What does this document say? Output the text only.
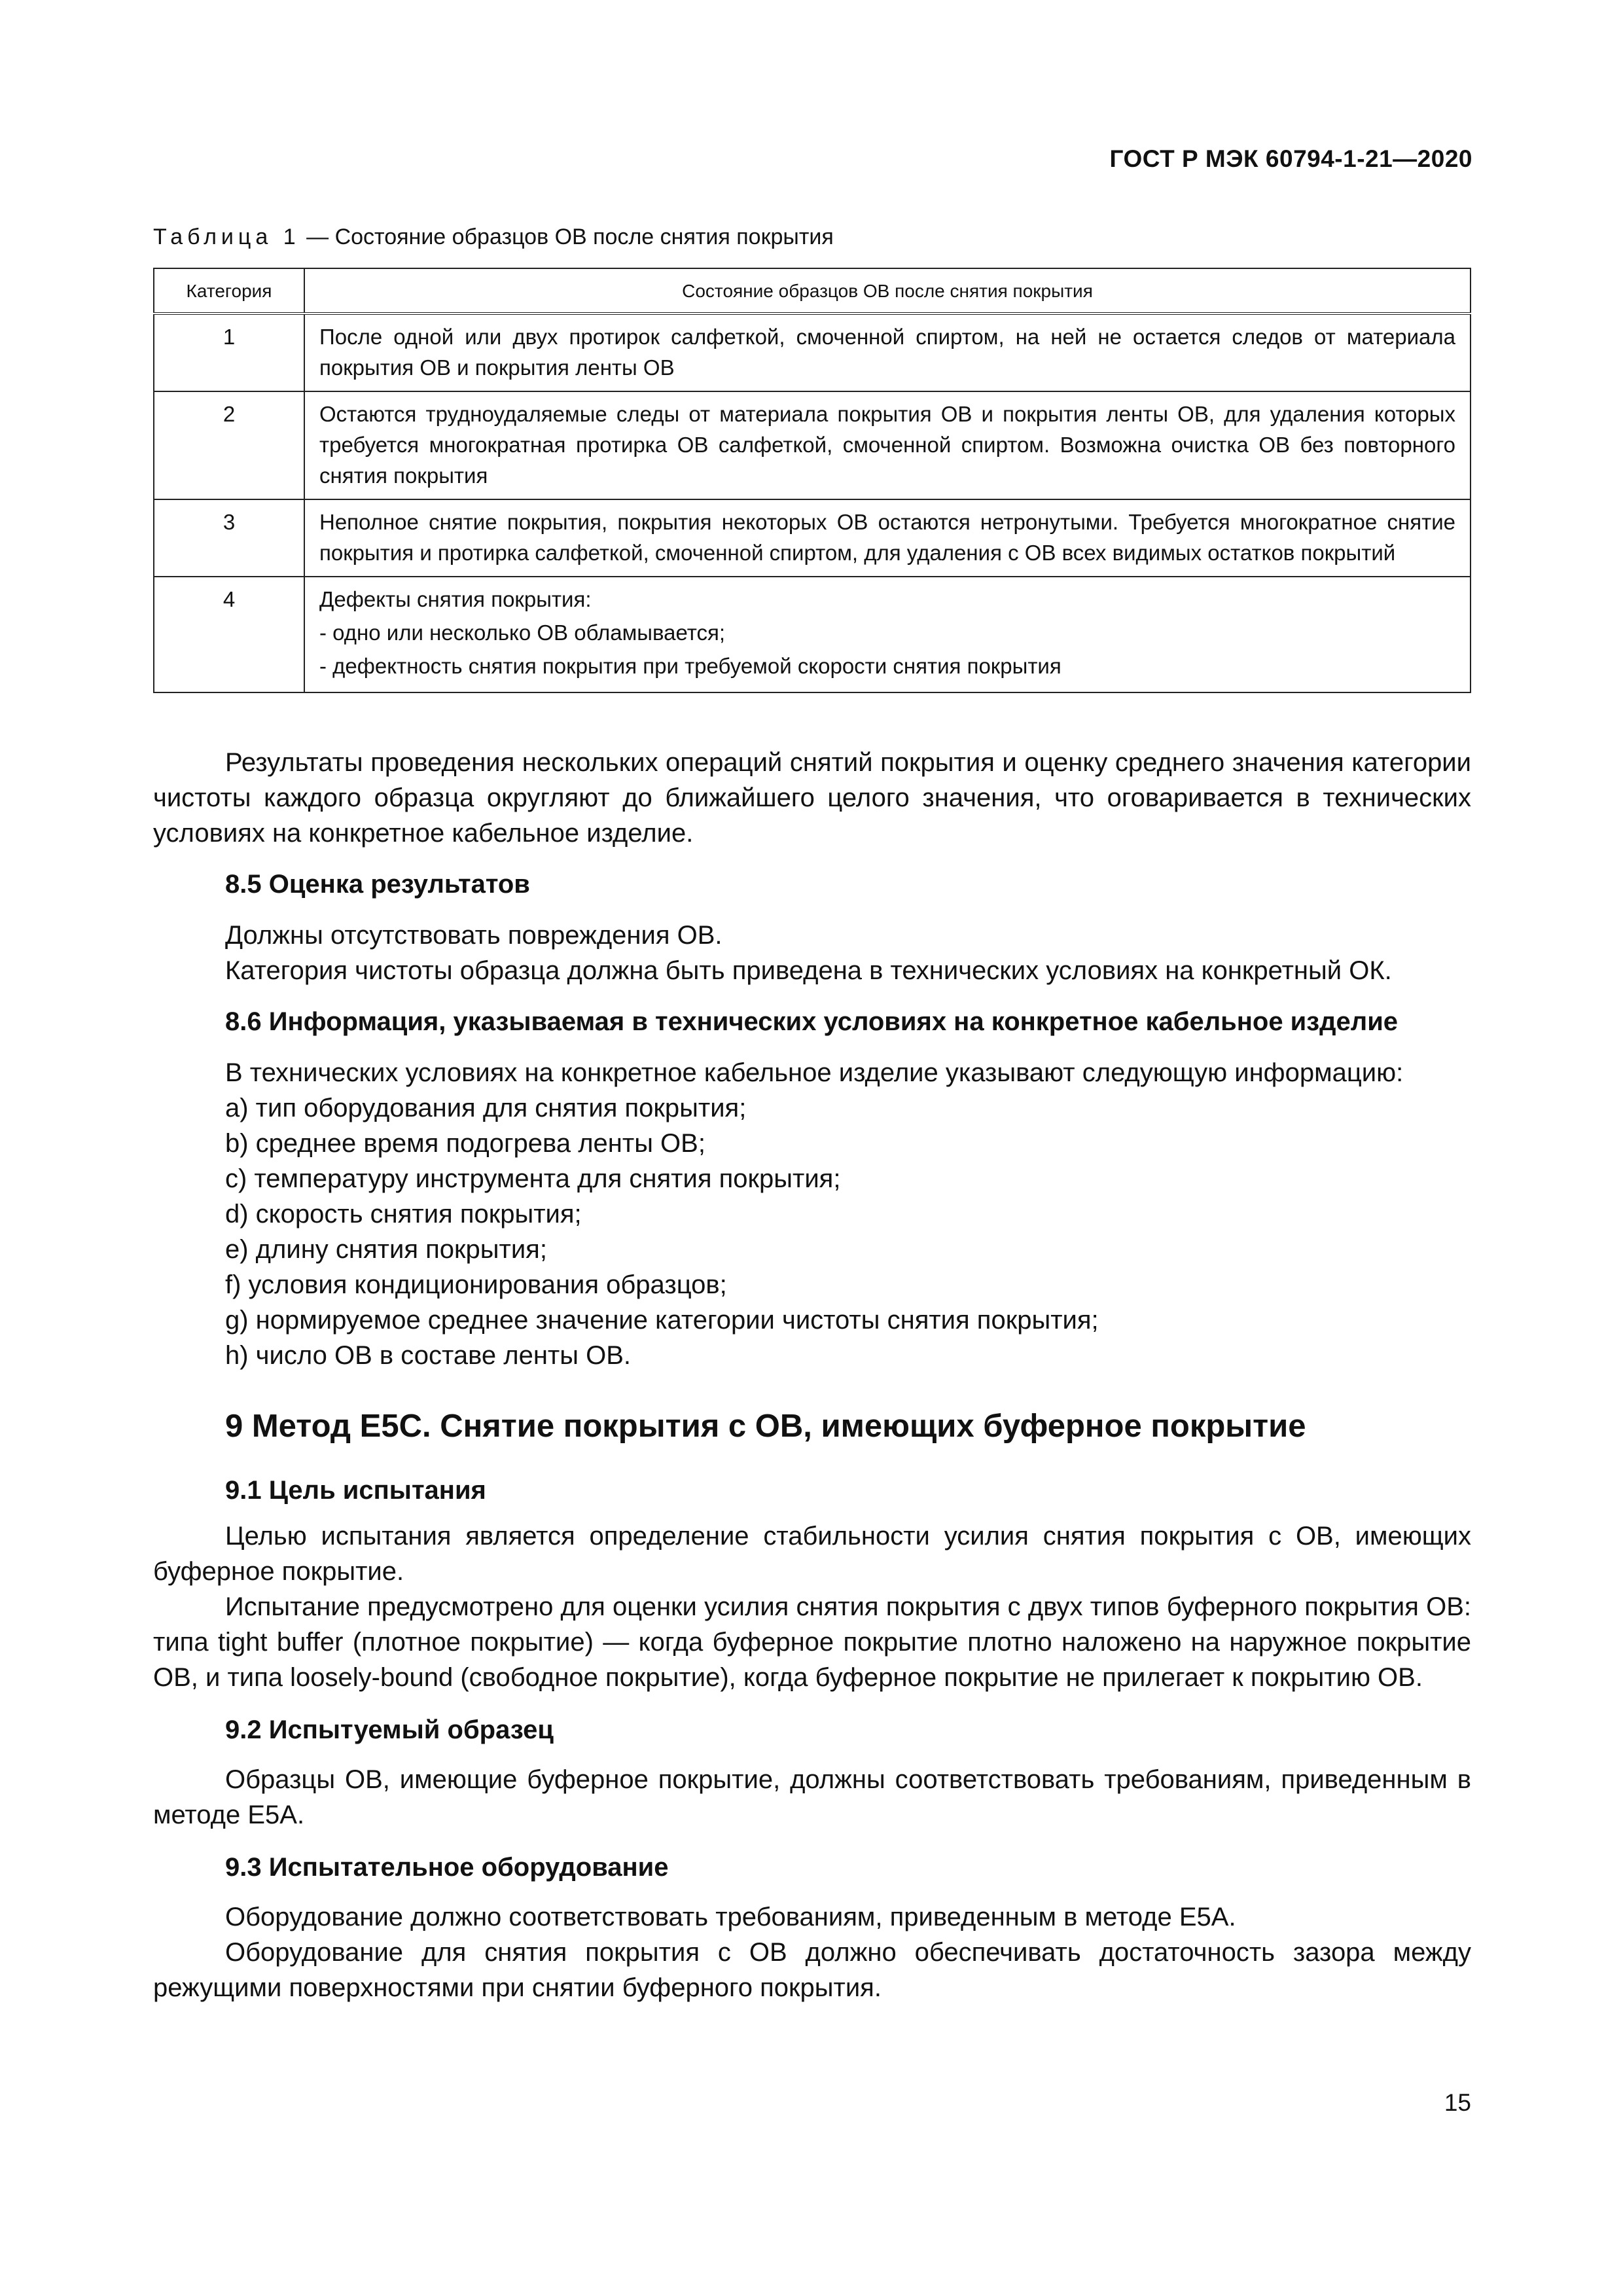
ГОСТ Р МЭК 60794-1-21—2020
Таблица 1 — Состояние образцов ОВ после снятия покрытия
Категория	Состояние образцов ОВ после снятия покрытия
1	После одной или двух протирок салфеткой, смоченной спиртом, на ней не остается следов от материала покрытия ОВ и покрытия ленты ОВ

2	Остаются трудноудаляемые следы от материала покрытия ОВ и покрытия ленты ОВ, для удаления которых требуется многократная протирка ОВ салфеткой, смоченной спиртом. Возможна очистка ОВ без повторного снятия покрытия

3	Неполное снятие покрытия, покрытия некоторых ОВ остаются нетронутыми. Требуется многократное снятие покрытия и протирка салфеткой, смоченной спиртом, для удаления с ОВ всех видимых остатков покрытий

4	Дефекты снятия покрытия:

- одно или несколько ОВ обламывается;

- дефектность снятия покрытия при требуемой скорости снятия покрытия

Результаты проведения нескольких операций снятий покрытия и оценку среднего значения категории чистоты каждого образца округляют до ближайшего целого значения, что оговаривается в технических условиях на конкретное кабельное изделие.

8.5 Оценка результатов

Должны отсутствовать повреждения ОВ.

Категория чистоты образца должна быть приведена в технических условиях на конкретный ОК.

8.6 Информация, указываемая в технических условиях на конкретное кабельное изделие

В технических условиях на конкретное кабельное изделие указывают следующую информацию:

a) тип оборудования для снятия покрытия;

b) среднее время подогрева ленты ОВ;

c) температуру инструмента для снятия покрытия;

d) скорость снятия покрытия;

e) длину снятия покрытия;

f) условия кондиционирования образцов;

g) нормируемое среднее значение категории чистоты снятия покрытия;

h) число ОВ в составе ленты ОВ.

9 Метод Е5С. Снятие покрытия с ОВ, имеющих буферное покрытие

9.1 Цель испытания

Целью испытания является определение стабильности усилия снятия покрытия с ОВ, имеющих буферное покрытие.

Испытание предусмотрено для оценки усилия снятия покрытия с двух типов буферного покрытия ОВ: типа tight buffer (плотное покрытие) — когда буферное покрытие плотно наложено на наружное покрытие ОВ, и типа loosely-bound (свободное покрытие), когда буферное покрытие не прилегает к покрытию ОВ.

9.2 Испытуемый образец

Образцы ОВ, имеющие буферное покрытие, должны соответствовать требованиям, приведенным в методе Е5А.

9.3 Испытательное оборудование

Оборудование должно соответствовать требованиям, приведенным в методе Е5А.

Оборудование для снятия покрытия с ОВ должно обеспечивать достаточность зазора между режущими поверхностями при снятии буферного покрытия.

15
